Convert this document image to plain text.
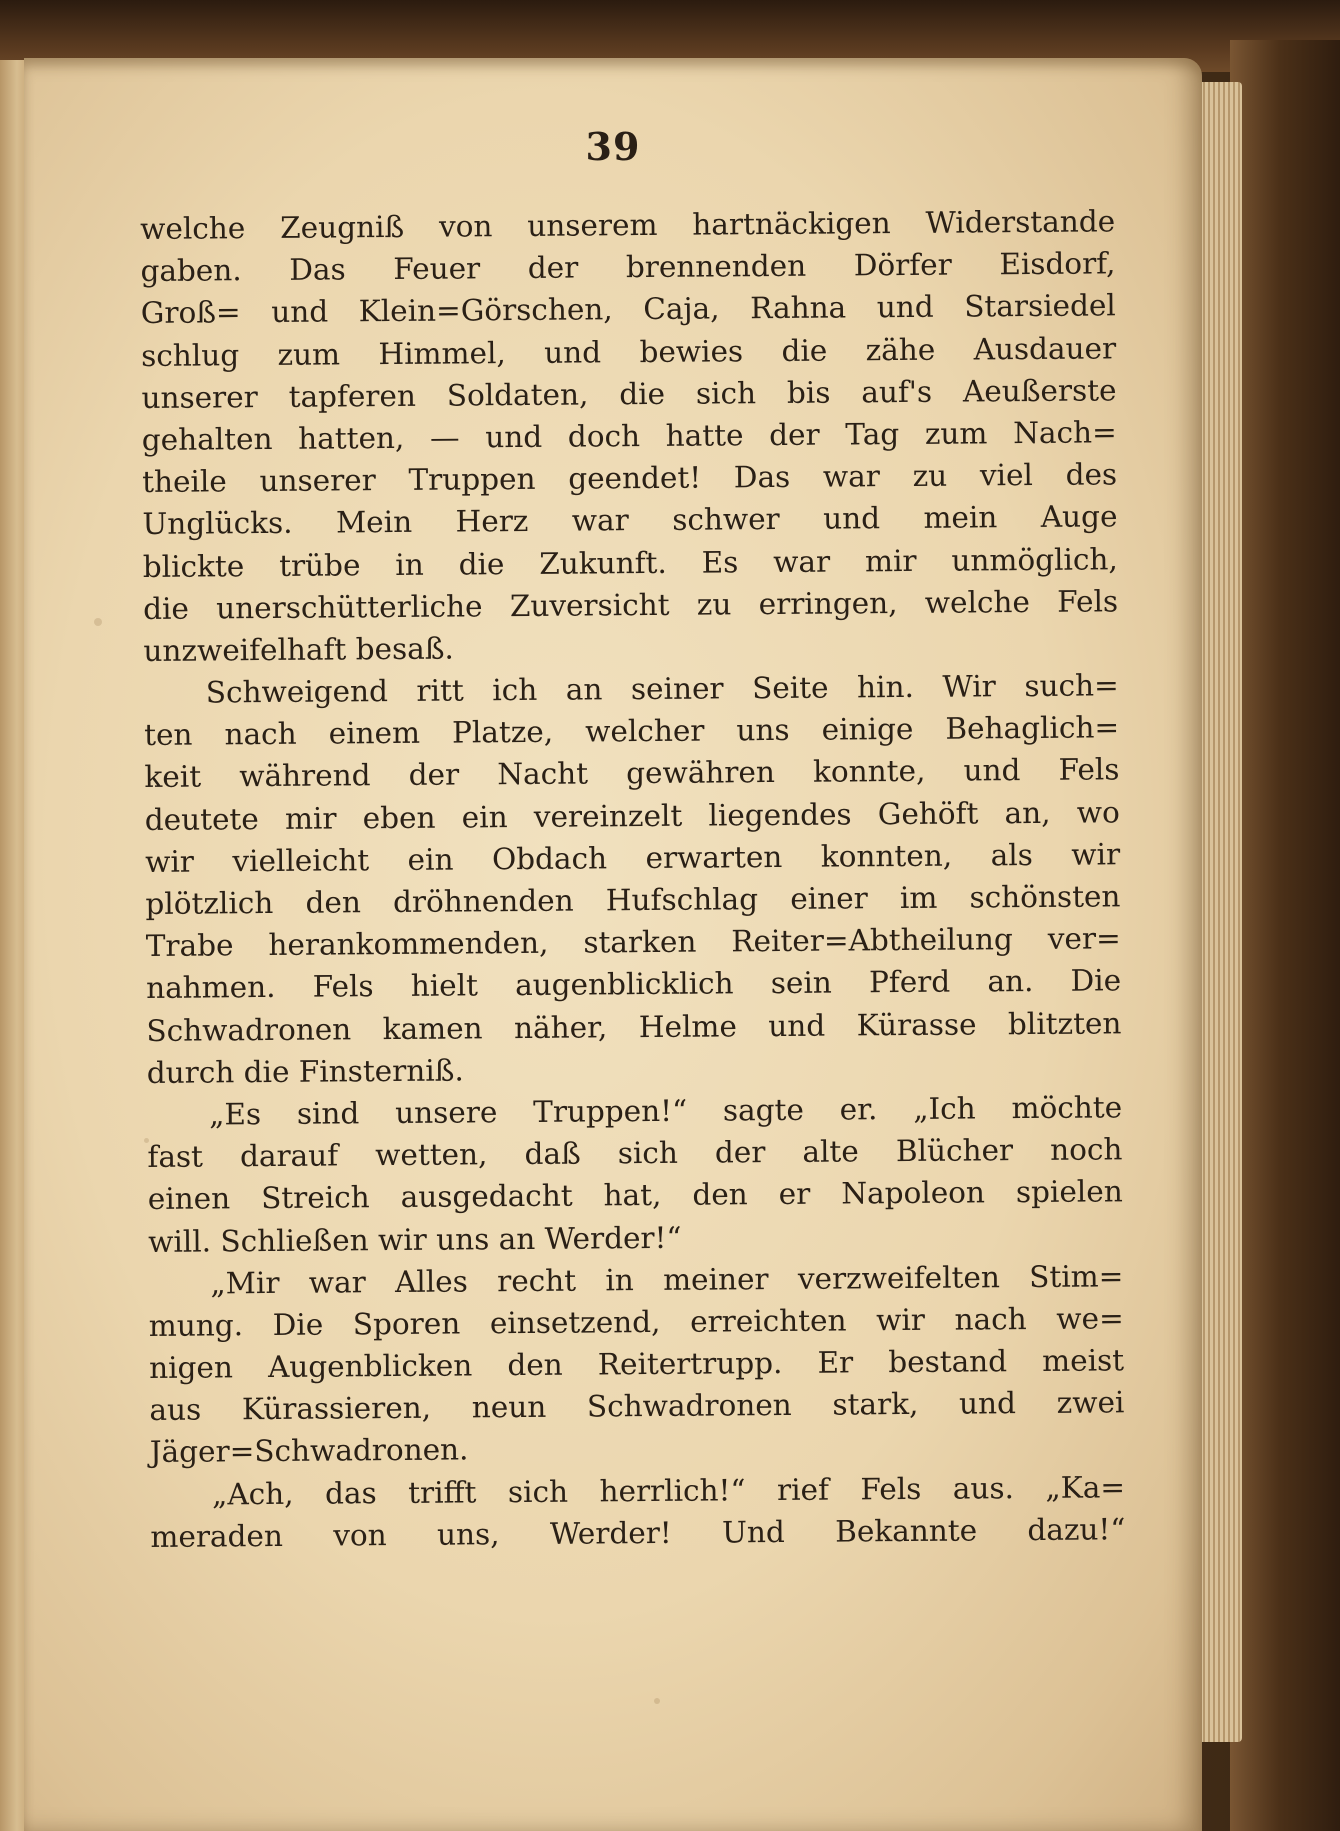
39
welche Zeugniß von unserem hartnäckigen Widerstande
gaben. Das Feuer der brennenden Dörfer Eisdorf,
Groß= und Klein=Görschen, Caja, Rahna und Starsiedel
schlug zum Himmel, und bewies die zähe Ausdauer
unserer tapferen Soldaten, die sich bis auf's Aeußerste
gehalten hatten, — und doch hatte der Tag zum Nach=
theile unserer Truppen geendet! Das war zu viel des
Unglücks. Mein Herz war schwer und mein Auge
blickte trübe in die Zukunft. Es war mir unmöglich,
die unerschütterliche Zuversicht zu erringen, welche Fels
unzweifelhaft besaß.
Schweigend ritt ich an seiner Seite hin. Wir such=
ten nach einem Platze, welcher uns einige Behaglich=
keit während der Nacht gewähren konnte, und Fels
deutete mir eben ein vereinzelt liegendes Gehöft an, wo
wir vielleicht ein Obdach erwarten konnten, als wir
plötzlich den dröhnenden Hufschlag einer im schönsten
Trabe herankommenden, starken Reiter=Abtheilung ver=
nahmen. Fels hielt augenblicklich sein Pferd an. Die
Schwadronen kamen näher, Helme und Kürasse blitzten
durch die Finsterniß.
„Es sind unsere Truppen!“ sagte er. „Ich möchte
fast darauf wetten, daß sich der alte Blücher noch
einen Streich ausgedacht hat, den er Napoleon spielen
will. Schließen wir uns an Werder!“
„Mir war Alles recht in meiner verzweifelten Stim=
mung. Die Sporen einsetzend, erreichten wir nach we=
nigen Augenblicken den Reitertrupp. Er bestand meist
aus Kürassieren, neun Schwadronen stark, und zwei
Jäger=Schwadronen.
„Ach, das trifft sich herrlich!“ rief Fels aus. „Ka=
meraden von uns, Werder! Und Bekannte dazu!“
